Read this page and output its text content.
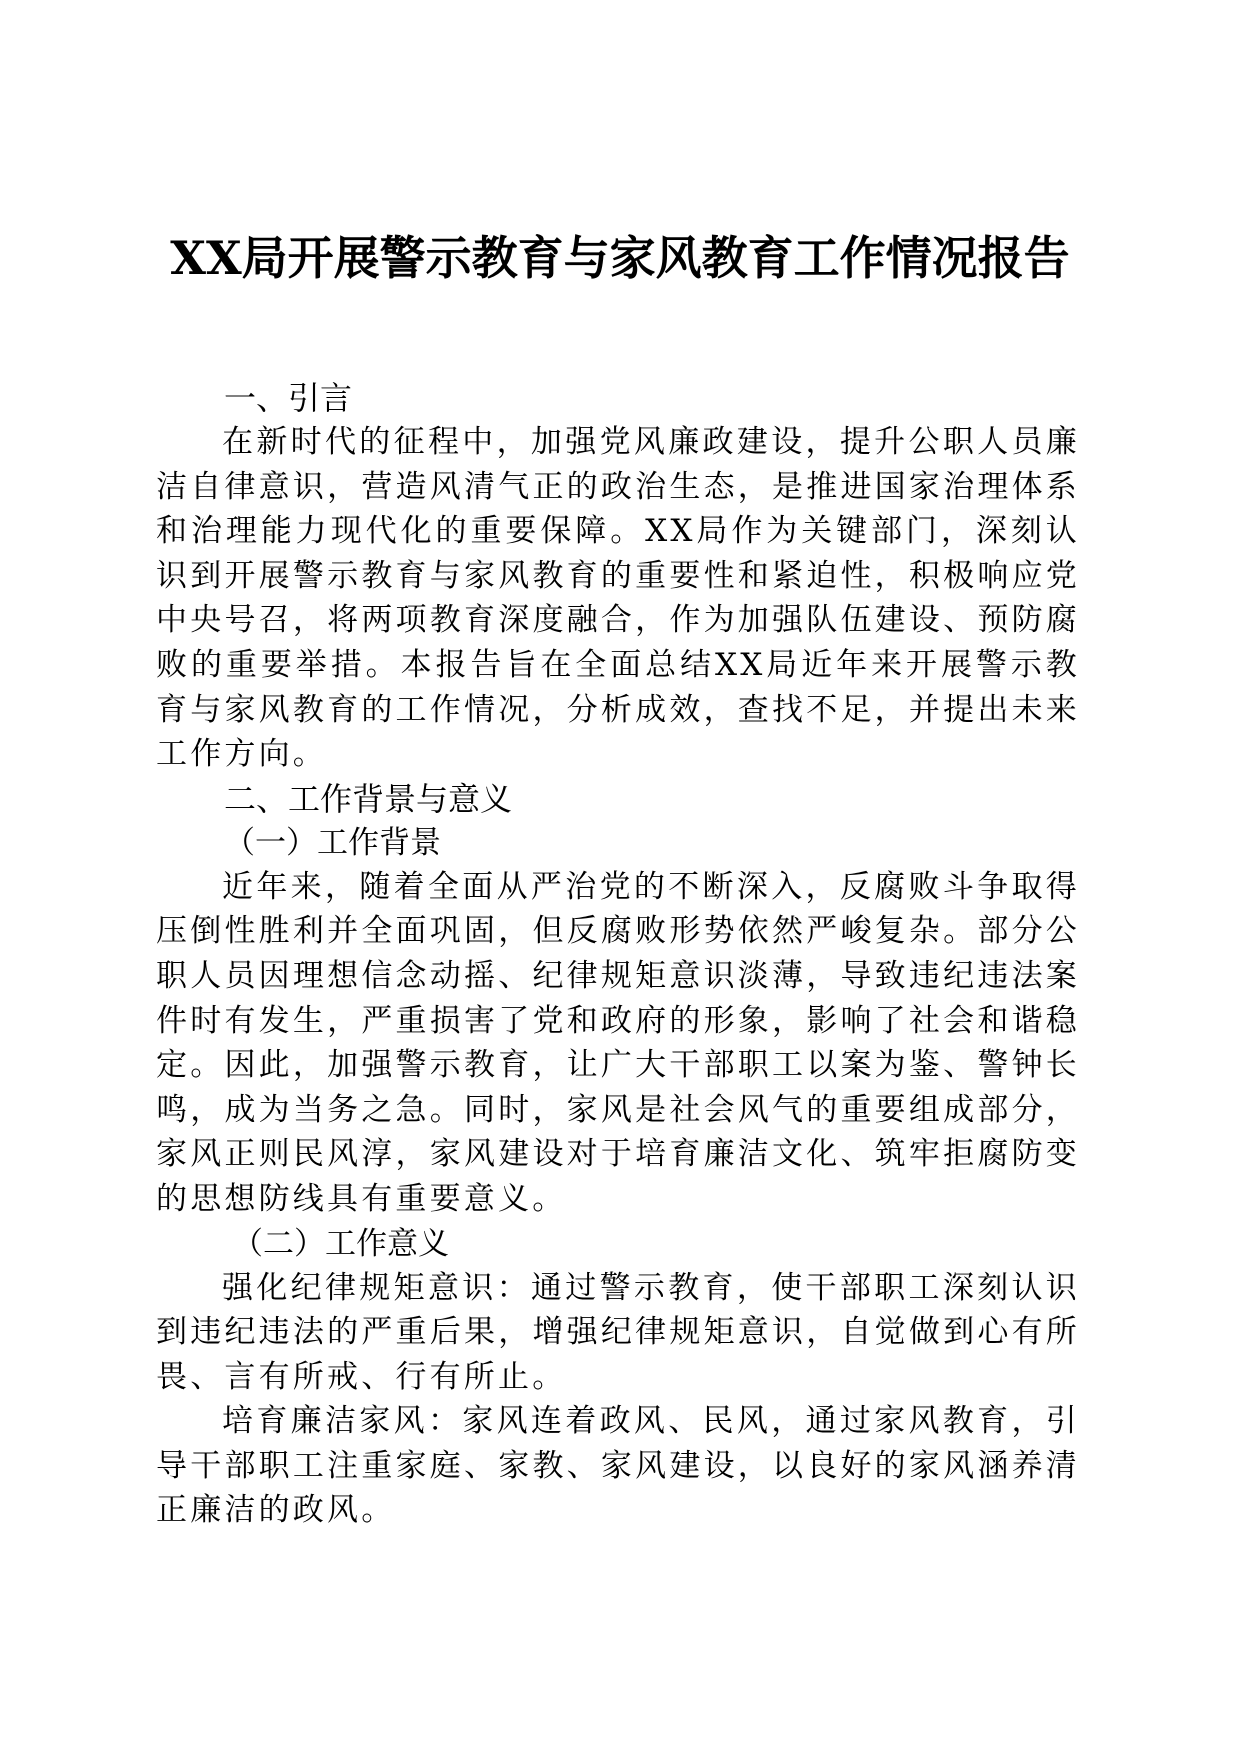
XX局开展警示教育与家风教育工作情况报告
一、引言

在新时代的征程中，加强党风廉政建设，提升公职人员廉洁自律意识，营造风清气正的政治生态，是推进国家治理体系和治理能力现代化的重要保障。XX局作为关键部门，深刻认识到开展警示教育与家风教育的重要性和紧迫性，积极响应党中央号召，将两项教育深度融合，作为加强队伍建设、预防腐败的重要举措。本报告旨在全面总结XX局近年来开展警示教育与家风教育的工作情况，分析成效，查找不足，并提出未来工作方向。

二、工作背景与意义
（一）工作背景

近年来，随着全面从严治党的不断深入，反腐败斗争取得压倒性胜利并全面巩固，但反腐败形势依然严峻复杂。部分公职人员因理想信念动摇、纪律规矩意识淡薄，导致违纪违法案件时有发生，严重损害了党和政府的形象，影响了社会和谐稳定。因此，加强警示教育，让广大干部职工以案为鉴、警钟长鸣，成为当务之急。同时，家风是社会风气的重要组成部分，家风正则民风淳，家风建设对于培育廉洁文化、筑牢拒腐防变的思想防线具有重要意义。

（二）工作意义

强化纪律规矩意识：通过警示教育，使干部职工深刻认识到违纪违法的严重后果，增强纪律规矩意识，自觉做到心有所畏、言有所戒、行有所止。

培育廉洁家风：家风连着政风、民风，通过家风教育，引导干部职工注重家庭、家教、家风建设，以良好的家风涵养清正廉洁的政风。
